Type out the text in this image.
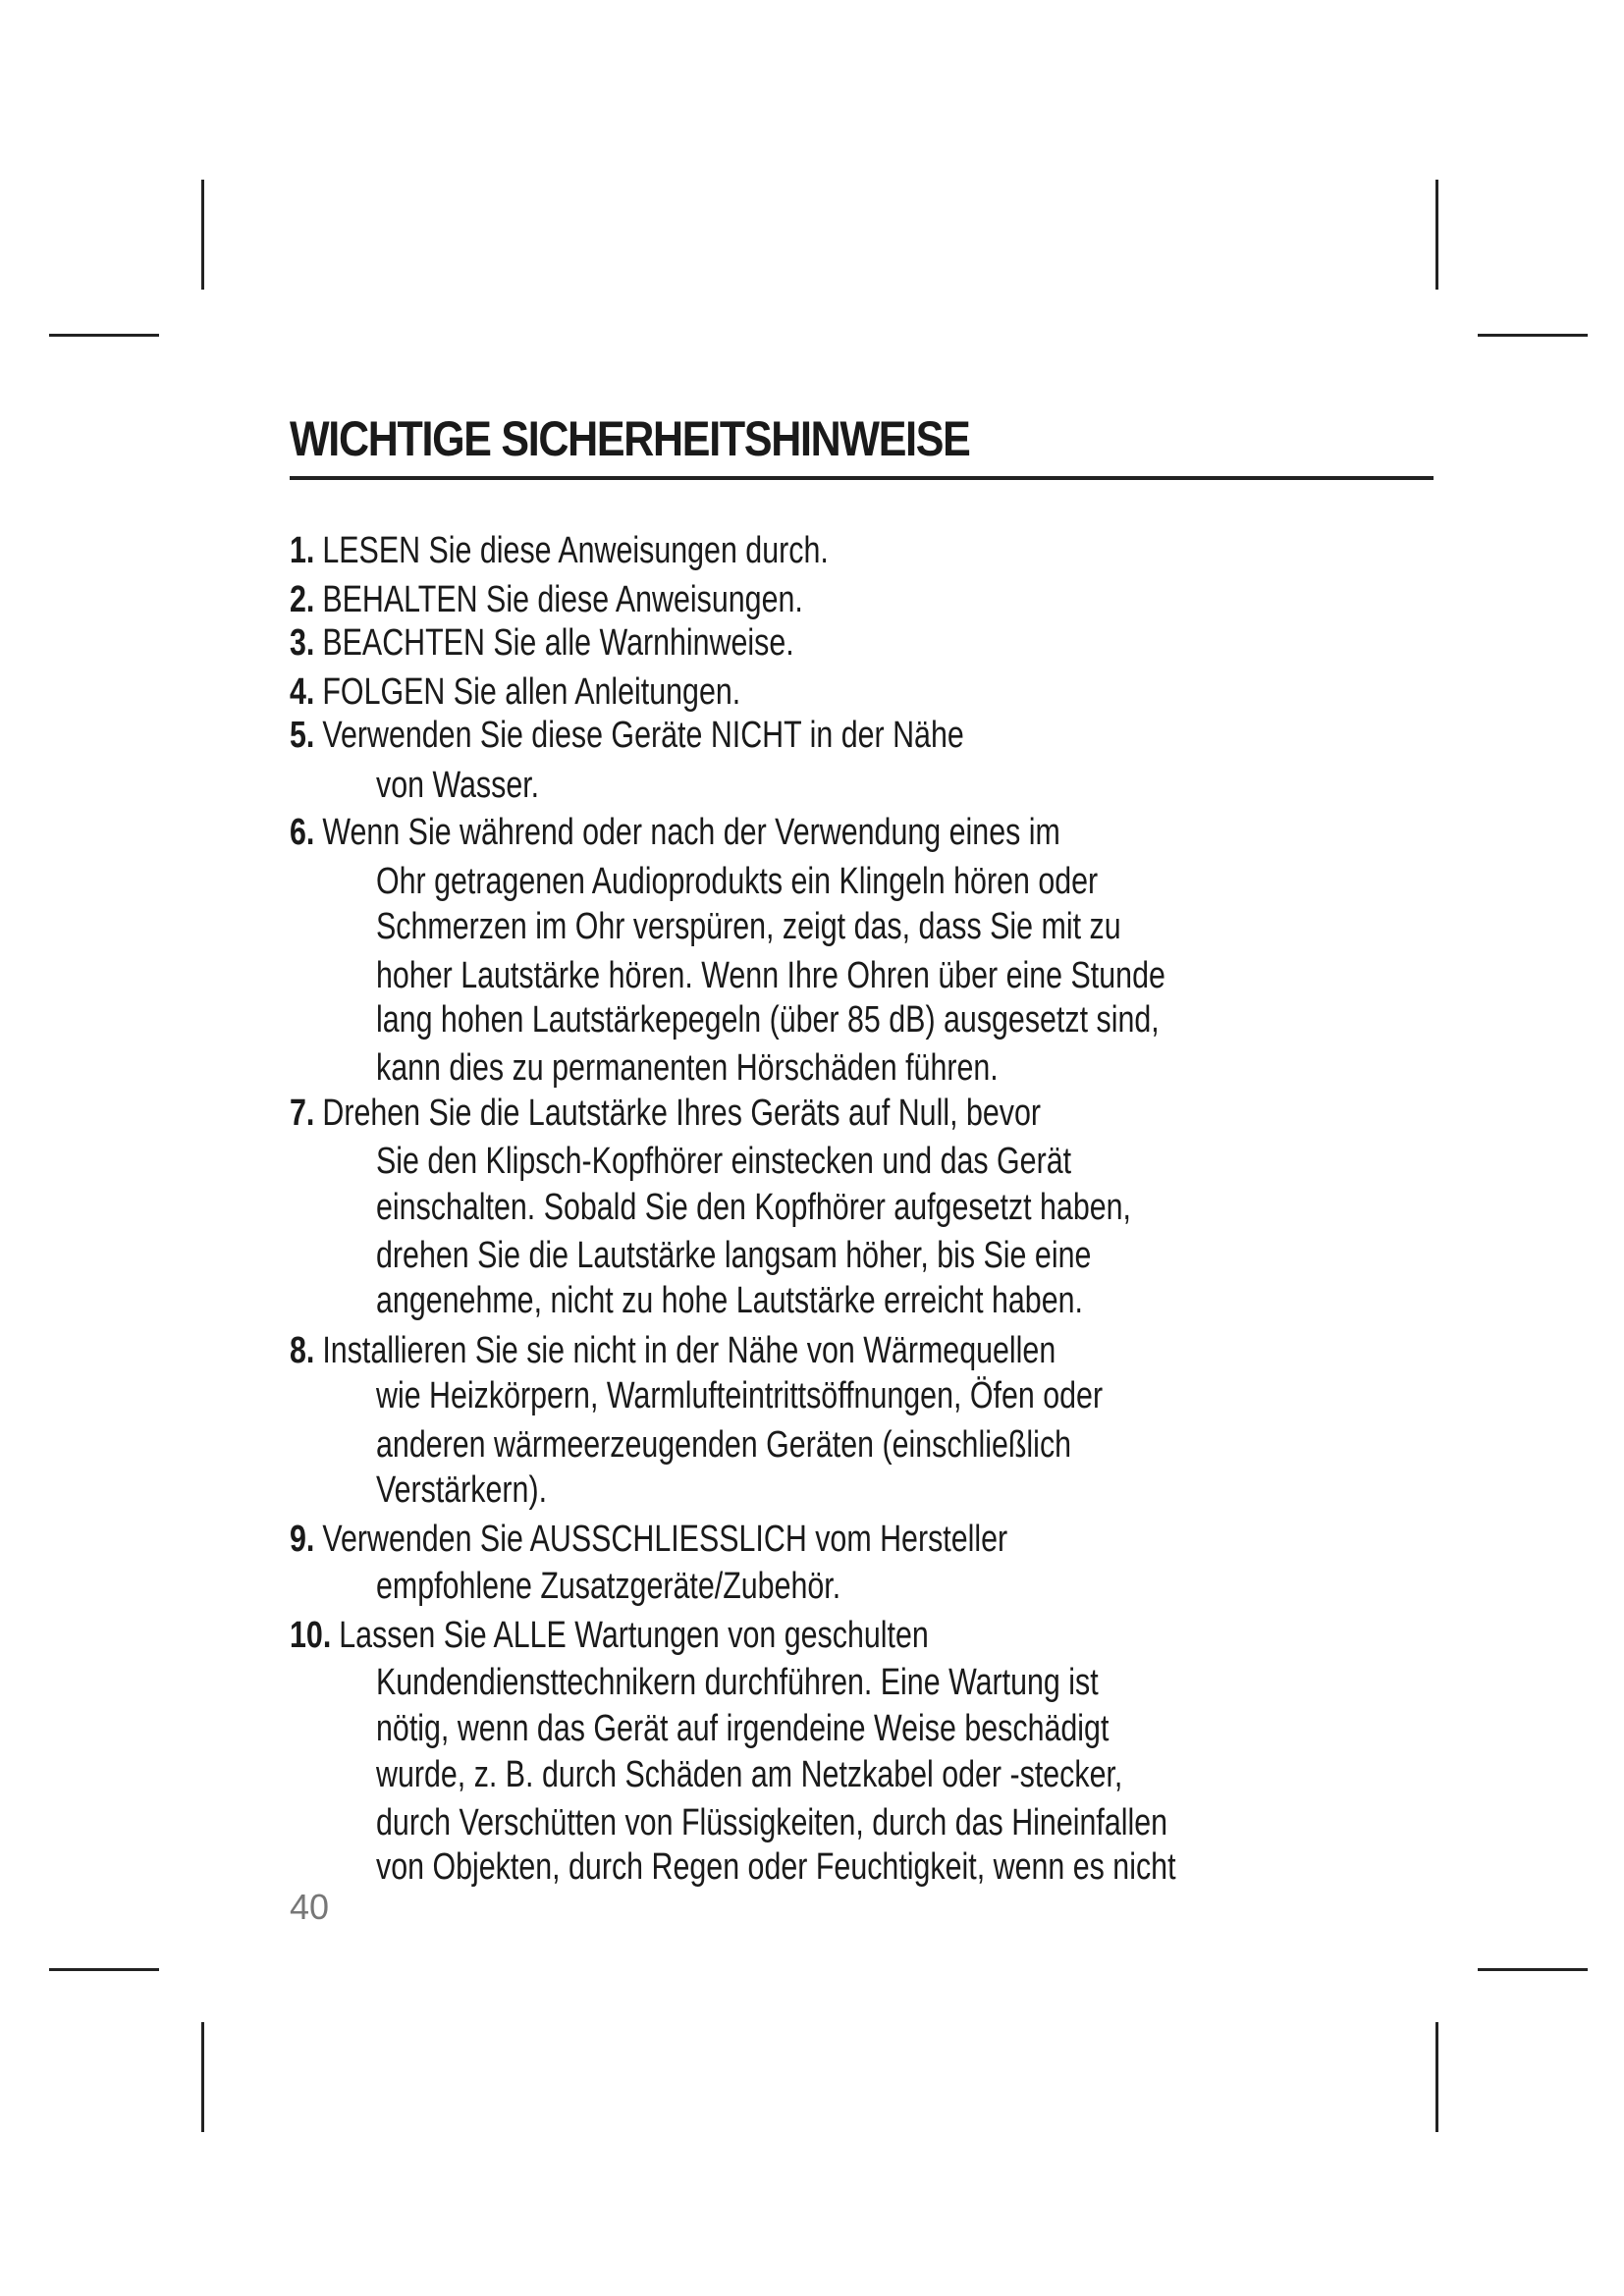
WICHTIGE SICHERHEITSHINWEISE
1. LESEN Sie diese Anweisungen durch.
2. BEHALTEN Sie diese Anweisungen.
3. BEACHTEN Sie alle Warnhinweise.
4. FOLGEN Sie allen Anleitungen.
5. Verwenden Sie diese Geräte NICHT in der Nähe
von Wasser.
6. Wenn Sie während oder nach der Verwendung eines im
Ohr getragenen Audioprodukts ein Klingeln hören oder
Schmerzen im Ohr verspüren, zeigt das, dass Sie mit zu
hoher Lautstärke hören. Wenn Ihre Ohren über eine Stunde
lang hohen Lautstärkepegeln (über 85 dB) ausgesetzt sind,
kann dies zu permanenten Hörschäden führen.
7. Drehen Sie die Lautstärke Ihres Geräts auf Null, bevor
Sie den Klipsch-Kopfhörer einstecken und das Gerät
einschalten. Sobald Sie den Kopfhörer aufgesetzt haben,
drehen Sie die Lautstärke langsam höher, bis Sie eine
angenehme, nicht zu hohe Lautstärke erreicht haben.
8. Installieren Sie sie nicht in der Nähe von Wärmequellen
wie Heizkörpern, Warmlufteintrittsöffnungen, Öfen oder
anderen wärmeerzeugenden Geräten (einschließlich
Verstärkern).
9. Verwenden Sie AUSSCHLIESSLICH vom Hersteller
empfohlene Zusatzgeräte/Zubehör.
10. Lassen Sie ALLE Wartungen von geschulten
Kundendiensttechnikern durchführen. Eine Wartung ist
nötig, wenn das Gerät auf irgendeine Weise beschädigt
wurde, z. B. durch Schäden am Netzkabel oder -stecker,
durch Verschütten von Flüssigkeiten, durch das Hineinfallen
von Objekten, durch Regen oder Feuchtigkeit, wenn es nicht
40
